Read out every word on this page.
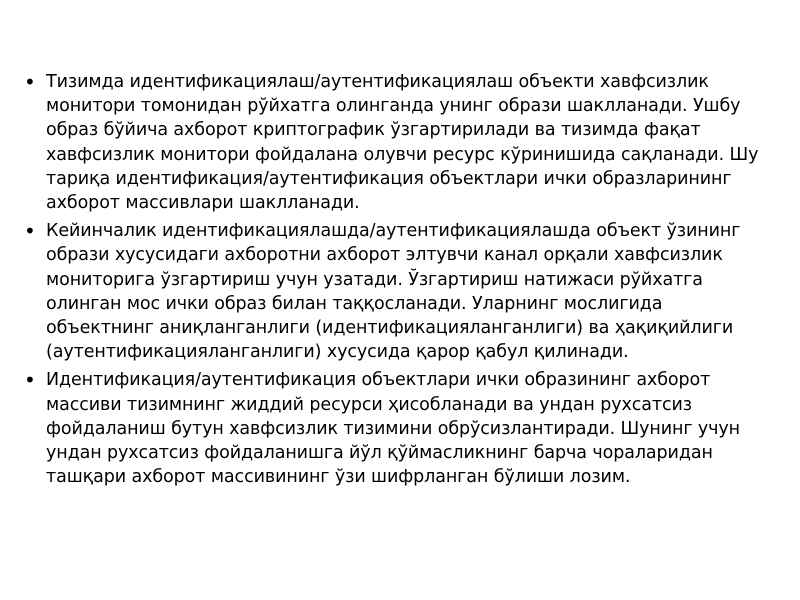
• Тизимда идентификациялаш/аутентификациялаш объекти хавфсизлик монитори томонидан рўйхатга олинганда унинг образи шаклланади. Ушбу образ бўйича ахборот криптографик ўзгартирилади ва тизимда фақат хавфсизлик монитори фойдалана олувчи ресурс кўринишида сақланади. Шу тариқа идентификация/аутентификация объектлари ички образларининг ахборот массивлари шаклланади.
• Кейинчалик идентификациялашда/аутентификациялашда объект ўзининг образи хусусидаги ахборотни ахборот элтувчи канал орқали хавфсизлик мониторига ўзгартириш учун узатади. Ўзгартириш натижаси рўйхатга олинган мос ички образ билан таққосланади. Уларнинг мослигида объектнинг аниқланганлиги (идентификацияланганлиги) ва ҳақиқийлиги (аутентификацияланганлиги) хусусида қарор қабул қилинади.
• Идентификация/аутентификация объектлари ички образининг ахборот массиви тизимнинг жиддий ресурси ҳисобланади ва ундан рухсатсиз фойдаланиш бутун хавфсизлик тизимини обрўсизлантиради. Шунинг учун ундан рухсатсиз фойдаланишга йўл қўймасликнинг барча чораларидан ташқари ахборот массивининг ўзи шифрланган бўлиши лозим.
